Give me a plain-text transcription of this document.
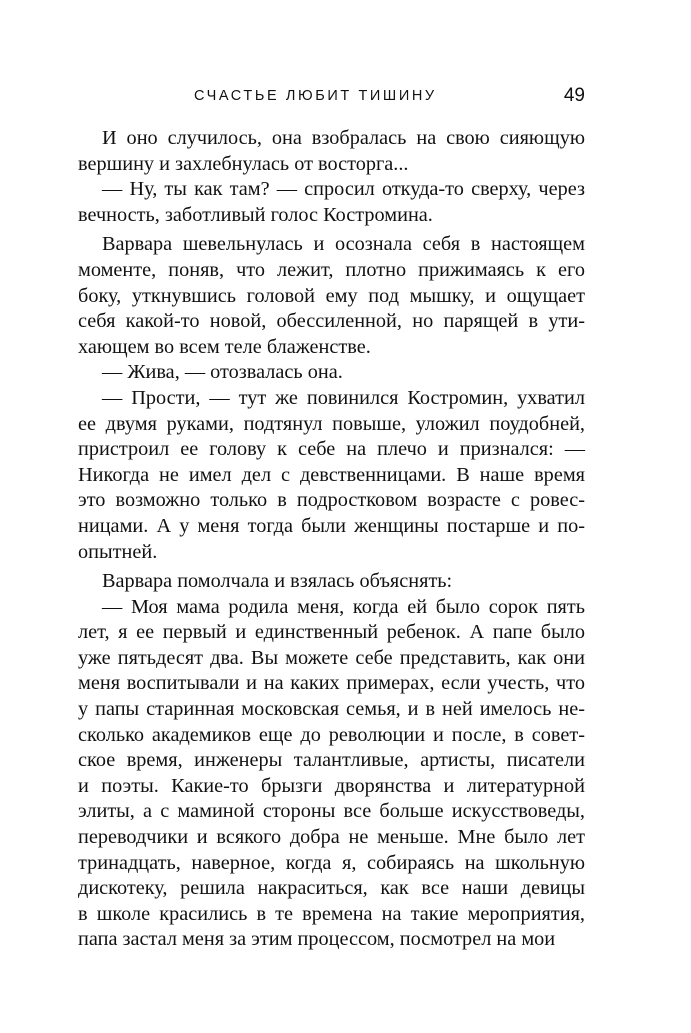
СЧАСТЬЕ ЛЮБИТ ТИШИНУ	49

И оно случилось, она взобралась на свою сияющую
вершину и захлебнулась от восторга...

— Ну, ты как там? — спросил откуда-то сверху, через
вечность, заботливый голос Костромина.

Варвара шевельнулась и осознала себя в настоящем
моменте, поняв, что лежит, плотно прижимаясь к его
боку, уткнувшись головой ему под мышку, и ощущает
себя какой-то новой, обессиленной, но парящей в ути-
хающем во всем теле блаженстве.

— Жива, — отозвалась она.

— Прости, — тут же повинился Костромин, ухватил
ее двумя руками, подтянул повыше, уложил поудобней,
пристроил ее голову к себе на плечо и признался: —
Никогда не имел дел с девственницами. В наше время
это возможно только в подростковом возрасте с ровес-
ницами. А у меня тогда были женщины постарше и по-
опытней.

Варвара помолчала и взялась объяснять:

— Моя мама родила меня, когда ей было сорок пять
лет, я ее первый и единственный ребенок. А папе было
уже пятьдесят два. Вы можете себе представить, как они
меня воспитывали и на каких примерах, если учесть, что
у папы старинная московская семья, и в ней имелось не-
сколько академиков еще до революции и после, в совет-
ское время, инженеры талантливые, артисты, писатели
и поэты. Какие-то брызги дворянства и литературной
элиты, а с маминой стороны все больше искусствоведы,
переводчики и всякого добра не меньше. Мне было лет
тринадцать, наверное, когда я, собираясь на школьную
дискотеку, решила накраситься, как все наши девицы
в школе красились в те времена на такие мероприятия,
папа застал меня за этим процессом, посмотрел на мои
